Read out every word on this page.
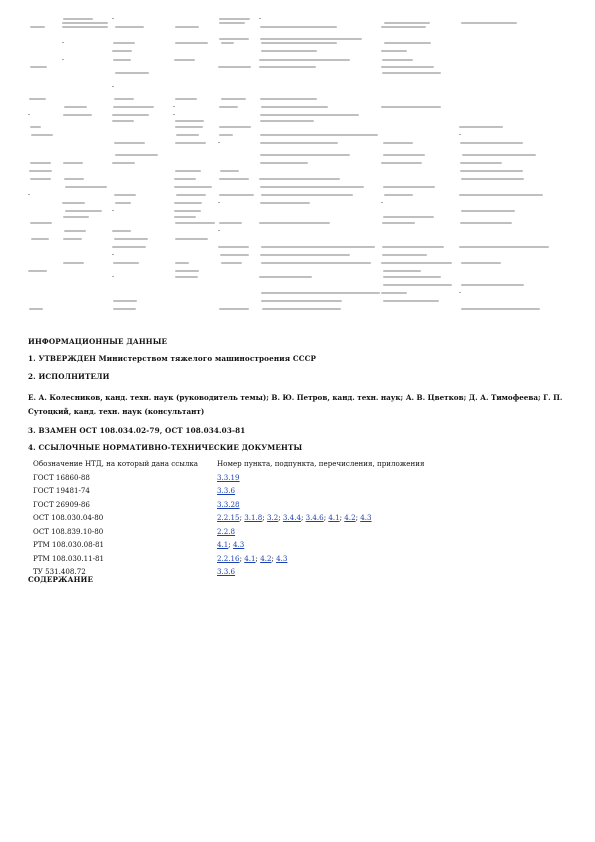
ИНФОРМАЦИОННЫЕ ДАННЫЕ
1. УТВЕРЖДЕН Министерством тяжелого машиностроения СССР
2. ИСПОЛНИТЕЛИ
Е. А. Колесников, канд. техн. наук (руководитель темы); В. Ю. Петров, канд. техн. наук; А. В. Цветков; Д. А. Тимофеева; Г. П. Сутоцкий, канд. техн. наук (консультант)
3. ВЗАМЕН ОСТ 108.034.02-79, ОСТ 108.034.03-81
4. ССЫЛОЧНЫЕ НОРМАТИВНО-ТЕХНИЧЕСКИЕ ДОКУМЕНТЫ
Обозначение НТД, на который дана ссылка	Номер пункта, подпункта, перечисления, приложения
ГОСТ 16860-88	3.3.19
ГОСТ 19481-74	3.3.6
ГОСТ 26909-86	3.3.28
ОСТ 108.030.04-80	2.2.15; 3.1.8; 3.2; 3.4.4; 3.4.6; 4.1; 4.2; 4.3
ОСТ 108.839.10-80	2.2.8
РТМ 108.030.08-81	4.1; 4.3
РТМ 108.030.11-81	2.2.16; 4.1; 4.2; 4.3
ТУ 531.408.72	3.3.6
СОДЕРЖАНИЕ
